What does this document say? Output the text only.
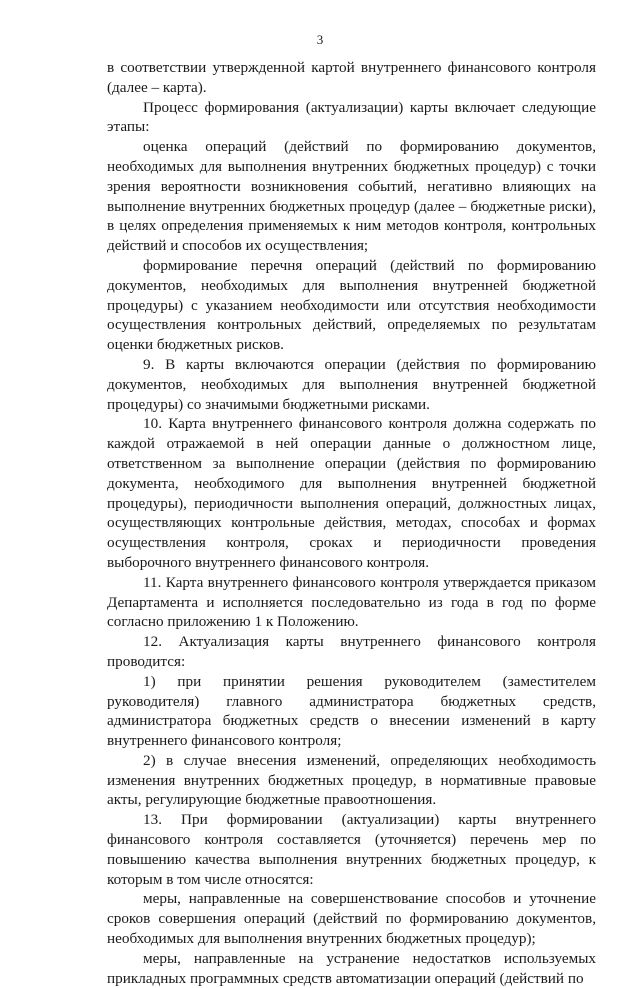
3

в соответствии утвержденной картой внутреннего финансового контроля (далее – карта).

Процесс формирования (актуализации) карты включает следующие этапы:

оценка операций (действий по формированию документов, необходимых для выполнения внутренних бюджетных процедур) с точки зрения вероятности возникновения событий, негативно влияющих на выполнение внутренних бюджетных процедур (далее – бюджетные риски), в целях определения применяемых к ним методов контроля, контрольных действий и способов их осуществления;

формирование перечня операций (действий по формированию документов, необходимых для выполнения внутренней бюджетной процедуры) с указанием необходимости или отсутствия необходимости осуществления контрольных действий, определяемых по результатам оценки бюджетных рисков.

9. В карты включаются операции (действия по формированию документов, необходимых для выполнения внутренней бюджетной процедуры) со значимыми бюджетными рисками.

10. Карта внутреннего финансового контроля должна содержать по каждой отражаемой в ней операции данные о должностном лице, ответственном за выполнение операции (действия по формированию документа, необходимого для выполнения внутренней бюджетной процедуры), периодичности выполнения операций, должностных лицах, осуществляющих контрольные действия, методах, способах и формах осуществления контроля, сроках и периодичности проведения выборочного внутреннего финансового контроля.

11. Карта внутреннего финансового контроля утверждается приказом Департамента и исполняется последовательно из года в год по форме согласно приложению 1 к Положению.

12. Актуализация карты внутреннего финансового контроля проводится:

1) при принятии решения руководителем (заместителем руководителя) главного администратора бюджетных средств, администратора бюджетных средств о внесении изменений в карту внутреннего финансового контроля;

2) в случае внесения изменений, определяющих необходимость изменения внутренних бюджетных процедур, в нормативные правовые акты, регулирующие бюджетные правоотношения.

13. При формировании (актуализации) карты внутреннего финансового контроля составляется (уточняется) перечень мер по повышению качества выполнения внутренних бюджетных процедур, к которым в том числе относятся:

меры, направленные на совершенствование способов и уточнение сроков совершения операций (действий по формированию документов, необходимых для выполнения внутренних бюджетных процедур);

меры, направленные на устранение недостатков используемых прикладных программных средств автоматизации операций (действий по
